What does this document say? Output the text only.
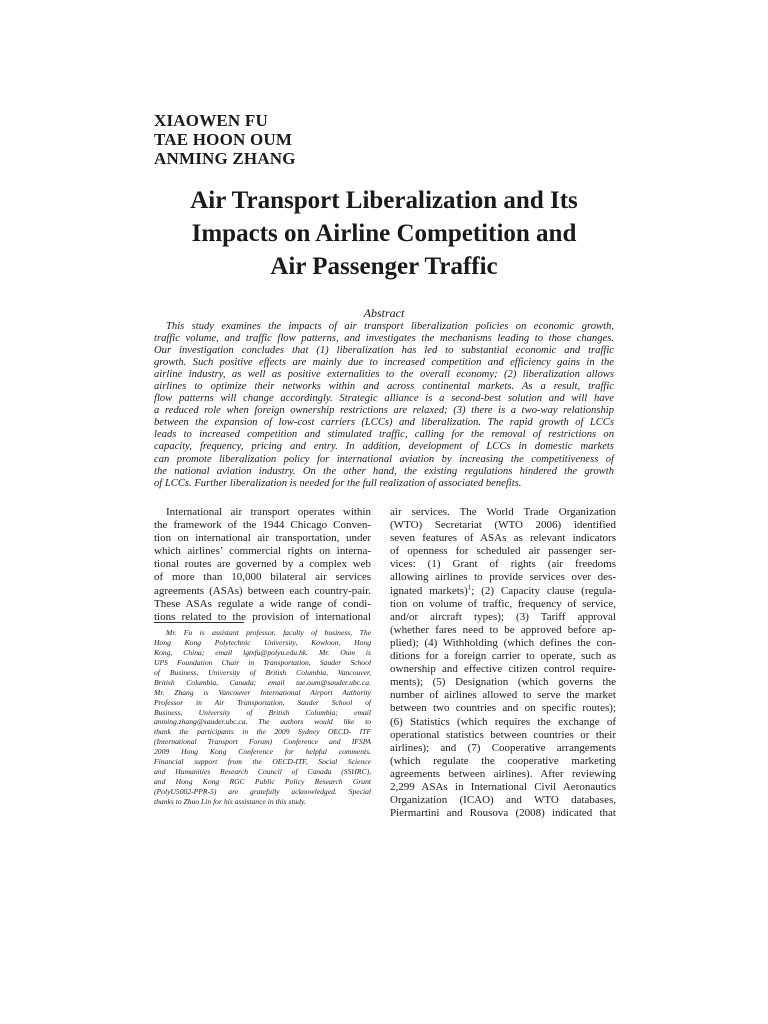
XIAOWEN FU
TAE HOON OUM
ANMING ZHANG
Air Transport Liberalization and Its
Impacts on Airline Competition and
Air Passenger Traffic
Abstract
This study examines the impacts of air transport liberalization policies on economic growth,
traffic volume, and traffic flow patterns, and investigates the mechanisms leading to those changes.
Our investigation concludes that (1) liberalization has led to substantial economic and traffic
growth. Such positive effects are mainly due to increased competition and efficiency gains in the
airline industry, as well as positive externalities to the overall economy; (2) liberalization allows
airlines to optimize their networks within and across continental markets. As a result, traffic
flow patterns will change accordingly. Strategic alliance is a second-best solution and will have
a reduced role when foreign ownership restrictions are relaxed; (3) there is a two-way relationship
between the expansion of low-cost carriers (LCCs) and liberalization. The rapid growth of LCCs
leads to increased competition and stimulated traffic, calling for the removal of restrictions on
capacity, frequency, pricing and entry. In addition, development of LCCs in domestic markets
can promote liberalization policy for international aviation by increasing the competitiveness of
the national aviation industry. On the other hand, the existing regulations hindered the growth
of LCCs. Further liberalization is needed for the full realization of associated benefits.
International air transport operates within
the framework of the 1944 Chicago Conven-
tion on international air transportation, under
which airlines’ commercial rights on interna-
tional routes are governed by a complex web
of more than 10,000 bilateral air services
agreements (ASAs) between each country-pair.
These ASAs regulate a wide range of condi-
tions related to the provision of international
Mr. Fu is assistant professor, faculty of business, The
Hong Kong Polytechnic University, Kowloon, Hong
Kong, China; email lgtxfu@polyu.edu.hk. Mr. Oum is
UPS Foundation Chair in Transportation, Sauder School
of Business, University of British Columbia, Vancouver,
British Columbia, Canada; email tae.oum@sauder.ubc.ca.
Mr. Zhang is Vancouver International Airport Authority
Professor in Air Transportation, Sauder School of
Business, University of British Columbia; email
anming.zhang@sauder.ubc.ca. The authors would like to
thank the participants in the 2009 Sydney OECD- ITF
(International Transport Forum) Conference and IFSPA
2009 Hong Kong Conference for helpful comments.
Financial support from the OECD-ITF, Social Science
and Humanities Research Council of Canada (SSHRC),
and Hong Kong RGC Public Policy Research Grant
(PolyU5002-PPR-5) are gratefully acknowledged. Special
thanks to Zhuo Lin for his assistance in this study.
air services. The World Trade Organization
(WTO) Secretariat (WTO 2006) identified
seven features of ASAs as relevant indicators
of openness for scheduled air passenger ser-
vices: (1) Grant of rights (air freedoms
allowing airlines to provide services over des-
ignated markets)$^1$; (2) Capacity clause (regula-
tion on volume of traffic, frequency of service,
and/or aircraft types); (3) Tariff approval
(whether fares need to be approved before ap-
plied); (4) Withholding (which defines the con-
ditions for a foreign carrier to operate, such as
ownership and effective citizen control require-
ments); (5) Designation (which governs the
number of airlines allowed to serve the market
between two countries and on specific routes);
(6) Statistics (which requires the exchange of
operational statistics between countries or their
airlines); and (7) Cooperative arrangements
(which regulate the cooperative marketing
agreements between airlines). After reviewing
2,299 ASAs in International Civil Aeronautics
Organization (ICAO) and WTO databases,
Piermartini and Rousova (2008) indicated that
